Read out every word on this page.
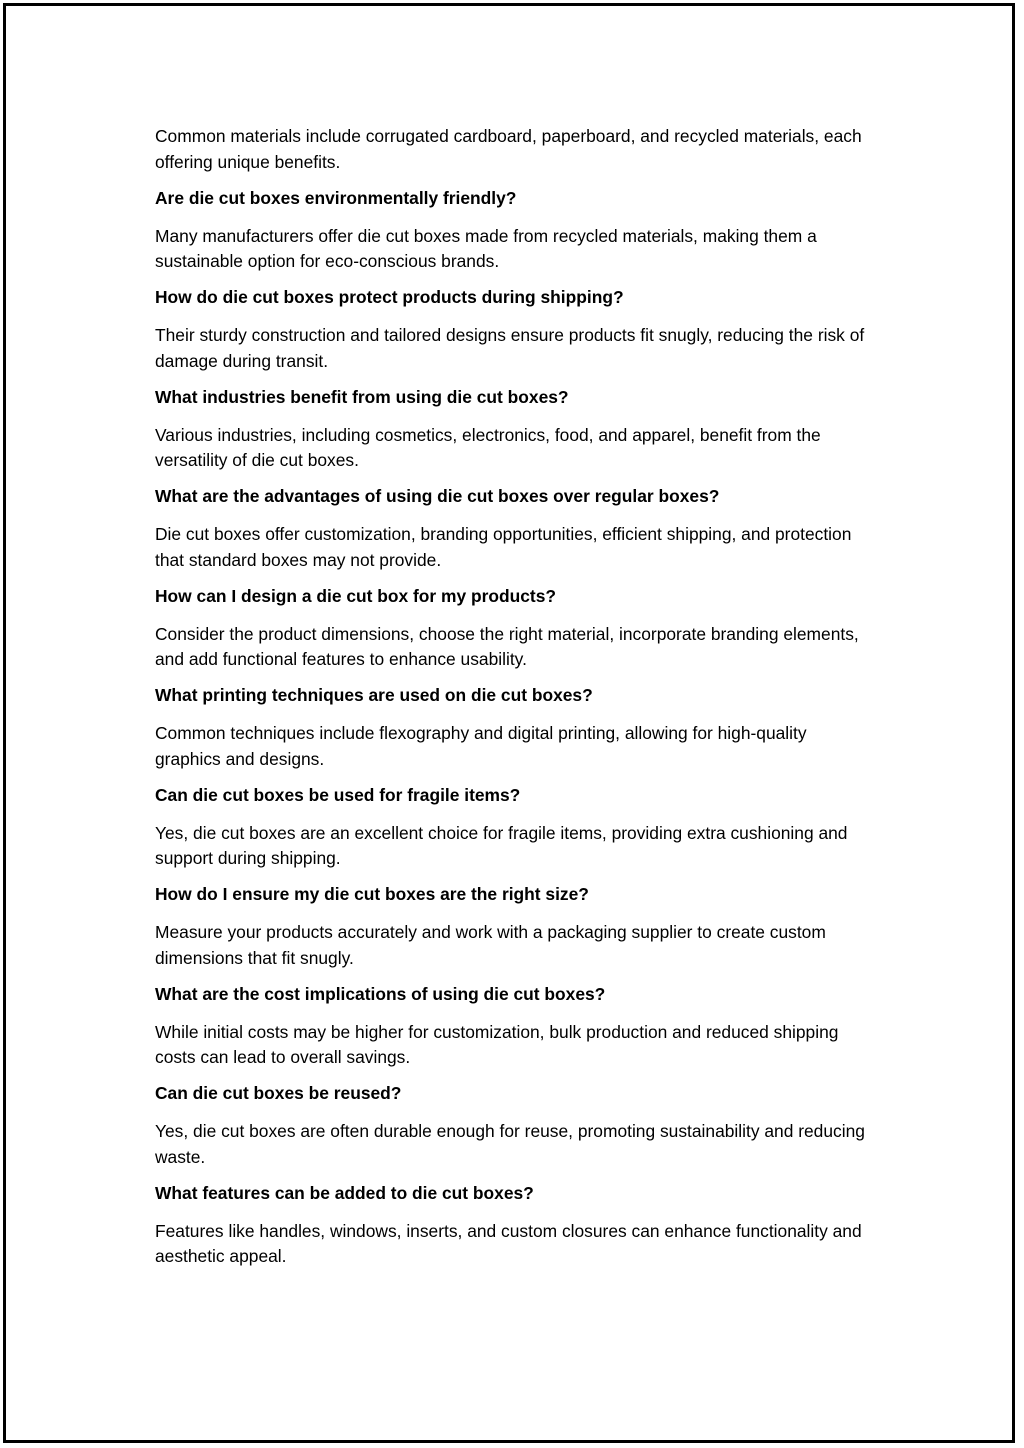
Common materials include corrugated cardboard, paperboard, and recycled materials, each offering unique benefits.

Are die cut boxes environmentally friendly?

Many manufacturers offer die cut boxes made from recycled materials, making them a sustainable option for eco-conscious brands.

How do die cut boxes protect products during shipping?

Their sturdy construction and tailored designs ensure products fit snugly, reducing the risk of damage during transit.

What industries benefit from using die cut boxes?

Various industries, including cosmetics, electronics, food, and apparel, benefit from the versatility of die cut boxes.

What are the advantages of using die cut boxes over regular boxes?

Die cut boxes offer customization, branding opportunities, efficient shipping, and protection that standard boxes may not provide.

How can I design a die cut box for my products?

Consider the product dimensions, choose the right material, incorporate branding elements, and add functional features to enhance usability.

What printing techniques are used on die cut boxes?

Common techniques include flexography and digital printing, allowing for high-quality graphics and designs.

Can die cut boxes be used for fragile items?

Yes, die cut boxes are an excellent choice for fragile items, providing extra cushioning and support during shipping.

How do I ensure my die cut boxes are the right size?

Measure your products accurately and work with a packaging supplier to create custom dimensions that fit snugly.

What are the cost implications of using die cut boxes?

While initial costs may be higher for customization, bulk production and reduced shipping costs can lead to overall savings.

Can die cut boxes be reused?

Yes, die cut boxes are often durable enough for reuse, promoting sustainability and reducing waste.

What features can be added to die cut boxes?

Features like handles, windows, inserts, and custom closures can enhance functionality and aesthetic appeal.
